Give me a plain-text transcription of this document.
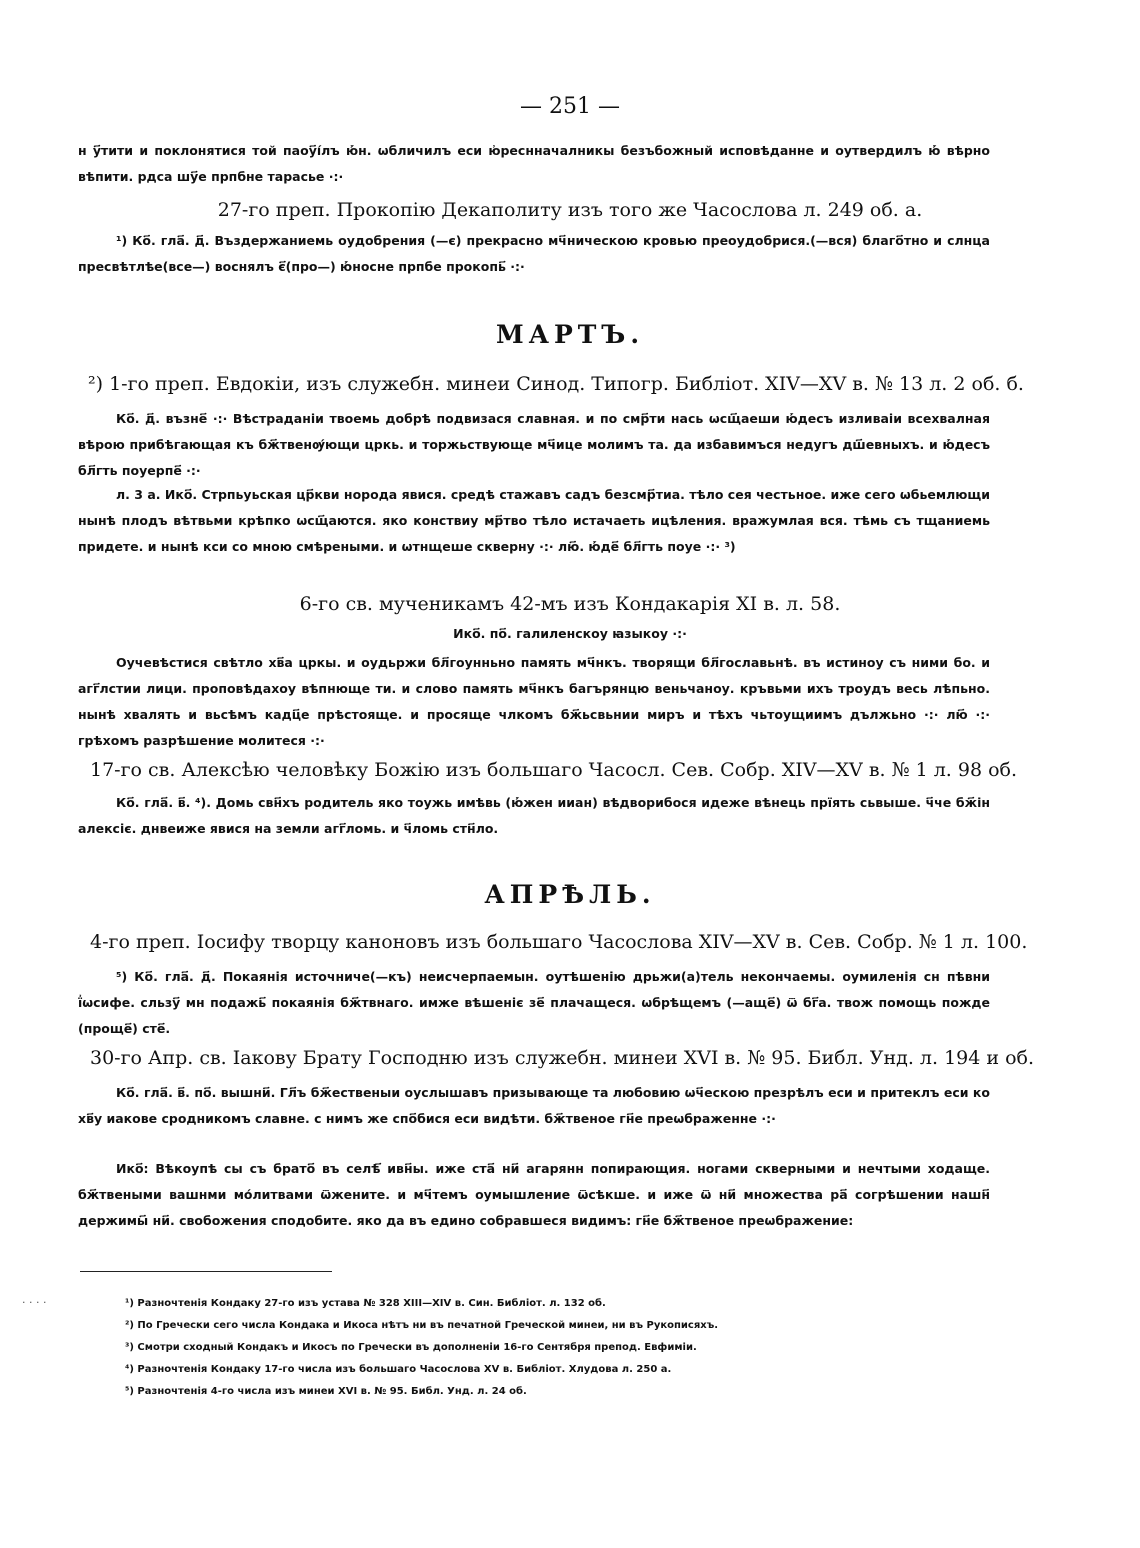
— 251 —

н у҃тити и поклонятися той паоу҃і́лъ ю҆́н. ѡбличилъ еси ю҆реснначалникы безъбожный исповѣданне и оутвердилъ ю҆́ вѣрно вѣпити. рдса шу҃е прпбне тарасье ·:·

27-го преп. Прокопію Декаполиту изъ того же Часослова л. 249 об. а.

¹) Ко҃. гла҃. д҃. Въздержаниемь оудобрения (—є) прекрасно мч҃ническою кровью преоудобрися.(—вся) благо҃тно и слнца пресвѣтлѣе(все—) воснялъ є҃(про—) ю҆́ноcне прпбе прокопь҃ ·:·

МАРТЪ.

²) 1-го преп. Евдокіи, изъ служебн. минеи Синод. Типогр. Библіот. XIV—XV в. № 13 л. 2 об. б.

Ко҃. д҃. възне҃ ·:· Вѣстраданіи твоемь добрѣ подвизася славная. и по смр҃ти нась ѡсщ҃аеши ю҆́десъ изливаіи всехвалная вѣрою прибѣгающая къ бж҃твенѹ́ющи цркь. и торжьствующе мч҃ице молимъ та. да избавимъся недугъ дш҃евныхъ. и ю҆́десъ бл҃гть поуерпе҃ ·:·

л. 3 а. Ико҃. Стрпьуьская цр҃кви норода явися. средѣ стажавъ садъ безсмр҃тиа. тѣло сея честьное. иже сего ѡбьемлющи нынѣ плодъ вѣтвьми крѣпко ѡсщ҃аются. яко конствиу мр҃тво тѣло истачаеть ицѣления. вражумлая вся. тѣмь съ тщаниемь придете. и нынѣ кси со мною смѣреными. и ѡтнщеше скверну ·:· лю҃. ю҆́де҃ бл҃гть поуе ·:· ³)

6-го св. мученикамъ 42-мъ изъ Кондакарія XI в. л. 58.

Ико҃. по҃. галиленскоу ꙗзыкоу ·:·

Оучевѣстися свѣтло хв҃а цркы. и оудьржи бл҃гоунньно память мч҃нкъ. творящи бл҃гославьнѣ. въ истиноу съ ними бо. и агг҃лстии лици. проповѣдахоу вѣпнюще ти. и слово память мч҃нкъ багърянцю веньчаноу. кръвьми ихъ троудъ весь лѣпьно. нынѣ хвалять и вьсѣмъ кадц҃е прѣстояще. и просяще члкомъ бж҃ьсвьнии миръ и тѣхъ чьтоущиимъ дължьно ·:· лю҃ ·:· грѣхомъ разрѣшение молитеся ·:·

17-го св. Алексѣю человѣку Божію изъ большаго Часосл. Сев. Собр. XIV—XV в. № 1 л. 98 об.

Ко҃. гла҃. в҃. ⁴). Домь свн҃хъ родитель яко тоужь имѣвь (ю҆́жен ииан) вѣдворибося идеже вѣнець прїять сьвыше. ч҃че бж҃ін алексіє. днвеиже явися на земли агг҃ломь. и ч҃ломь стн҃ло.

АПРѢЛЬ.

4-го преп. Іосифу творцу каноновъ изъ большаго Часослова XIV—XV в. Сев. Собр. № 1 л. 100.

⁵) Ко҃. гла҃. д҃. Покаянія источниче(—къ) неисчерпаемын. оутѣшенію дрьжи(а)тель некончаемы. оумиленія сн пѣвни ї҆ѡсифе. сльзу҃ мн подажь҃ покаянія бж҃твнаго. имже вѣшеніє зе҃ плачащеся. ѡбрѣщемъ (—аще҃) ѿ бг҃а. твож помощь пожде (проще҃) сте҃.

30-го Апр. св. Іакову Брату Господню изъ служебн. минеи XVI в. № 95. Библ. Унд. л. 194 и об.

Ко҃. гла҃. в҃. по҃. вышни҃. Гл҃ъ бж҃ественыи оуслышавъ призывающе та любовию ѡч҃ескою презрѣлъ еси и притеклъ еси ко хв҃у иакове сродникомъ славне. с нимъ же спо҃бися еси видѣти. бж҃твеное гн҃е преѡбраженне ·:·

Ико҃: Вѣкоупѣ сы съ брато҃ въ селѣ҃ ивн҃ы. иже ста҃ ни҃ агарянн попирающия. ногами скверными и нечтыми ходаще. бж҃твеными вашнми мо́литвами ѿжените. и мч҃темъ оумышление ѿсѣкше. и иже ѿ ни҃ множества ра҃ согрѣшении нашн҃ держимы҃ ни҃. свобожения сподобите. яко да въ едино собравшеся видимъ: гн҃е бж҃твеное преѡбражение:

· · · ·	¹) Разночтенія Кондаку 27-го изъ устава № 328 XIII—XIV в. Син. Библіот. л. 132 об.

²) По Гречески сего числа Кондака и Икоса нѣтъ ни въ печатной Греческой минеи, ни въ Рукописяхъ.

³) Смотри сходный Кондакъ и Икосъ по Гречески въ дополненіи 16-го Сентября препод. Евфиміи.

⁴) Разночтенія Кондаку 17-го числа изъ большаго Часослова XV в. Библіот. Хлудова л. 250 а.

⁵) Разночтенія 4-го числа изъ минеи XVI в. № 95. Библ. Унд. л. 24 об.
